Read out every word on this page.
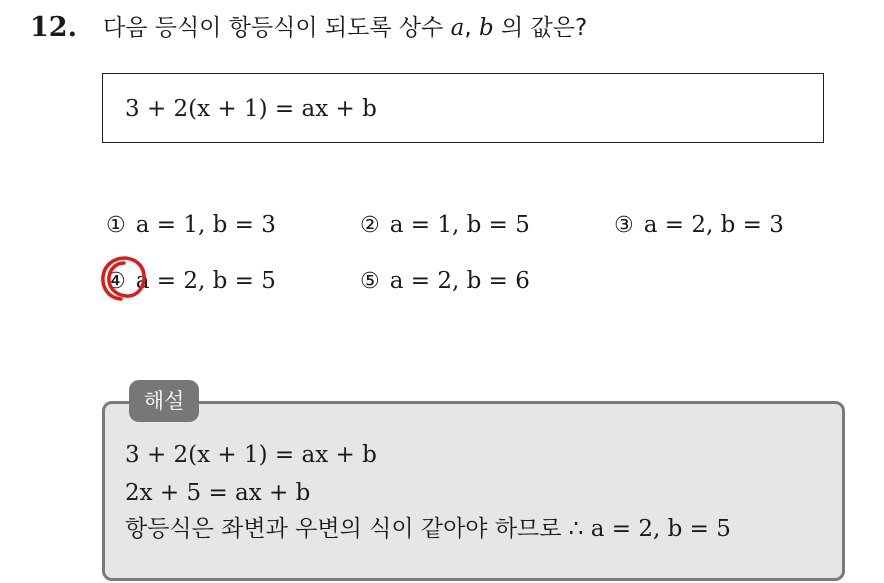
12. 다음 등식이 항등식이 되도록 상수 a, b 의 값은?
3 + 2(x + 1) = ax + b
① a = 1, b = 3	② a = 1, b = 5	③ a = 2, b = 3
④ a = 2, b = 5	⑤ a = 2, b = 6
해설
3 + 2(x + 1) = ax + b
2x + 5 = ax + b
항등식은 좌변과 우변의 식이 같아야 하므로 ∴ a = 2, b = 5
